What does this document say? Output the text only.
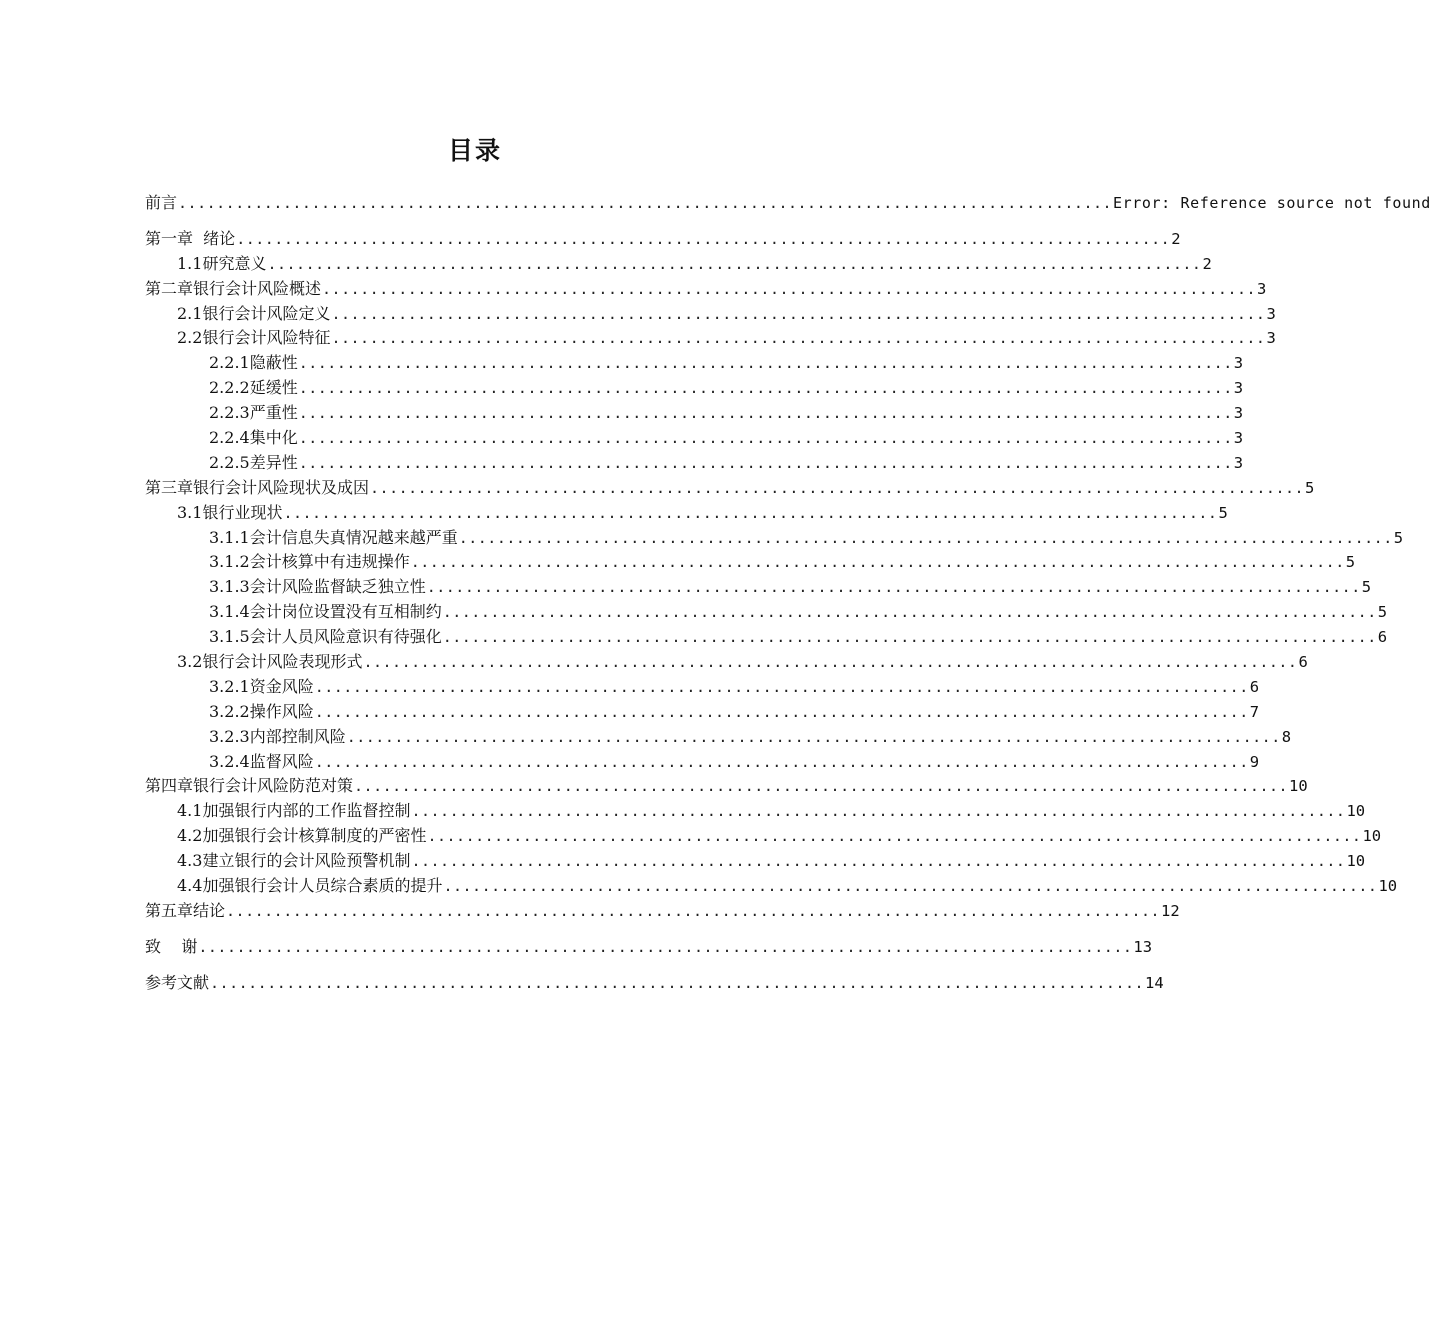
目录
前言 .................................................................................................. Error: Reference source not found
第一章  绪论 .................................................................................................. 2
1.1研究意义 .................................................................................................. 2
第二章银行会计风险概述 .................................................................................................. 3
2.1银行会计风险定义 .................................................................................................. 3
2.2银行会计风险特征 .................................................................................................. 3
2.2.1隐蔽性 .................................................................................................. 3
2.2.2延缓性 .................................................................................................. 3
2.2.3严重性 .................................................................................................. 3
2.2.4集中化 .................................................................................................. 3
2.2.5差异性 .................................................................................................. 3
第三章银行会计风险现状及成因 .................................................................................................. 5
3.1银行业现状 .................................................................................................. 5
3.1.1会计信息失真情况越来越严重 .................................................................................................. 5
3.1.2会计核算中有违规操作 .................................................................................................. 5
3.1.3会计风险监督缺乏独立性 .................................................................................................. 5
3.1.4会计岗位设置没有互相制约 .................................................................................................. 5
3.1.5会计人员风险意识有待强化 .................................................................................................. 6
3.2银行会计风险表现形式 .................................................................................................. 6
3.2.1资金风险 .................................................................................................. 6
3.2.2操作风险 .................................................................................................. 7
3.2.3内部控制风险 .................................................................................................. 8
3.2.4监督风险 .................................................................................................. 9
第四章银行会计风险防范对策 .................................................................................................. 10
4.1加强银行内部的工作监督控制 .................................................................................................. 10
4.2加强银行会计核算制度的严密性 .................................................................................................. 10
4.3建立银行的会计风险预警机制 .................................................................................................. 10
4.4加强银行会计人员综合素质的提升 .................................................................................................. 10
第五章结论 .................................................................................................. 12
致    谢 .................................................................................................. 13
参考文献 .................................................................................................. 14
